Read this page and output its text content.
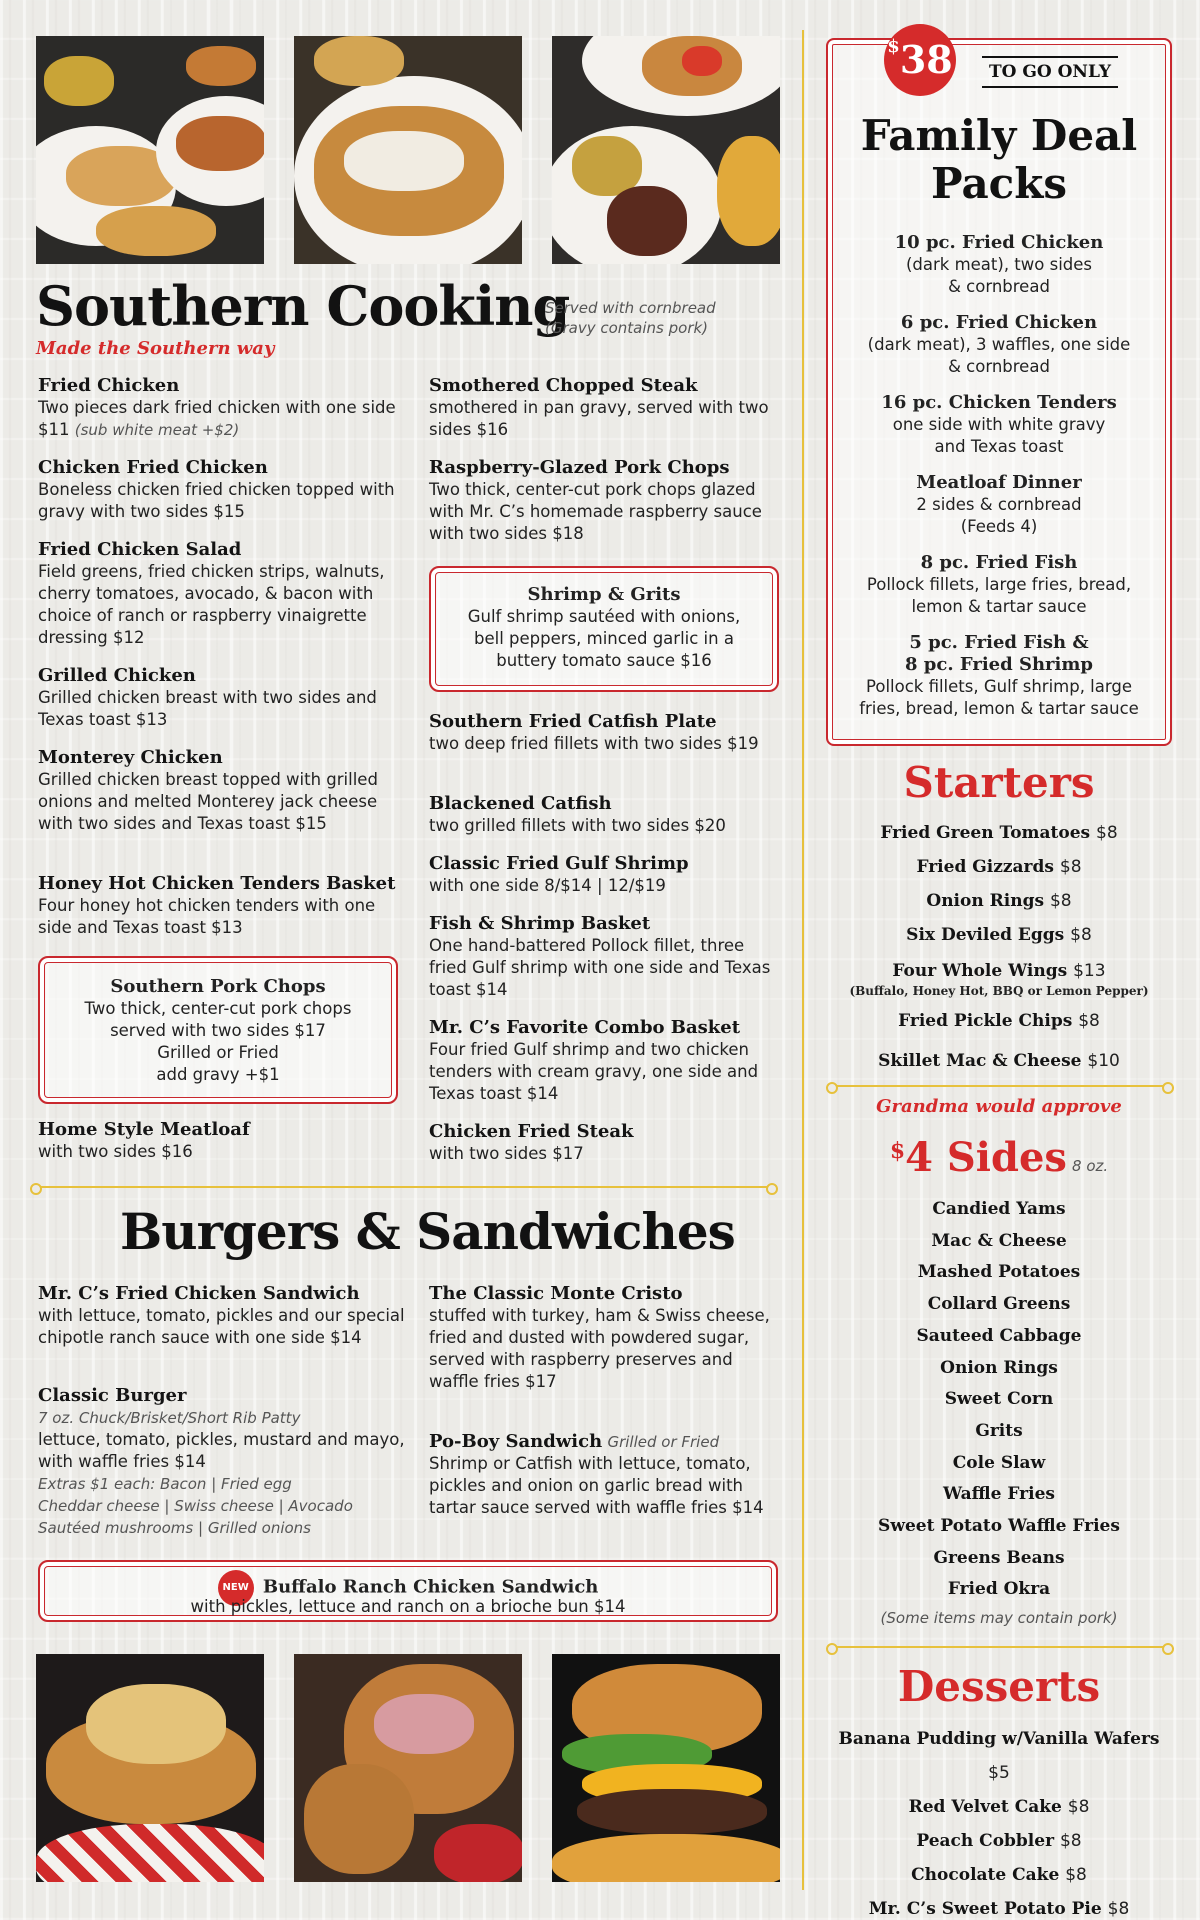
Southern Cooking
Served with cornbread
(Gravy contains pork)
Made the Southern way
Fried Chicken
Two pieces dark fried chicken with one side $11 (sub white meat +$2)
Chicken Fried Chicken
Boneless chicken fried chicken topped with gravy with two sides $15
Fried Chicken Salad
Field greens, fried chicken strips, walnuts, cherry tomatoes, avocado, & bacon with choice of ranch or raspberry vinaigrette dressing $12
Grilled Chicken
Grilled chicken breast with two sides and Texas toast $13
Monterey Chicken
Grilled chicken breast topped with grilled onions and melted Monterey jack cheese with two sides and Texas toast $15
Honey Hot Chicken Tenders Basket
Four honey hot chicken tenders with one side and Texas toast $13
Southern Pork Chops
Two thick, center-cut pork chops
served with two sides $17
Grilled or Fried
add gravy +$1
Home Style Meatloaf
with two sides $16
Smothered Chopped Steak
smothered in pan gravy, served with two sides $16
Raspberry-Glazed Pork Chops
Two thick, center-cut pork chops glazed with Mr. C’s homemade raspberry sauce with two sides $18
Shrimp & Grits
Gulf shrimp sautéed with onions,
bell peppers, minced garlic in a
buttery tomato sauce $16
Southern Fried Catfish Plate
two deep fried fillets with two sides $19
Blackened Catfish
two grilled fillets with two sides $20
Classic Fried Gulf Shrimp
with one side 8/$14 | 12/$19
Fish & Shrimp Basket
One hand-battered Pollock fillet, three fried Gulf shrimp with one side and Texas toast $14
Mr. C’s Favorite Combo Basket
Four fried Gulf shrimp and two chicken tenders with cream gravy, one side and Texas toast $14
Chicken Fried Steak
with two sides $17
Burgers & Sandwiches
Mr. C’s Fried Chicken Sandwich
with lettuce, tomato, pickles and our special chipotle ranch sauce with one side $14
Classic Burger
7 oz. Chuck/Brisket/Short Rib Patty
lettuce, tomato, pickles, mustard and mayo, with waffle fries $14
Extras $1 each: Bacon | Fried egg
Cheddar cheese | Swiss cheese | Avocado
Sautéed mushrooms | Grilled onions
The Classic Monte Cristo
stuffed with turkey, ham & Swiss cheese, fried and dusted with powdered sugar, served with raspberry preserves and waffle fries $17
Po-Boy Sandwich Grilled or Fried
Shrimp or Catfish with lettuce, tomato, pickles and onion on garlic bread with tartar sauce served with waffle fries $14
NEW Buffalo Ranch Chicken Sandwich
with pickles, lettuce and ranch on a brioche bun $14
$38	TO GO ONLY
Family Deal
Packs
10 pc. Fried Chicken
(dark meat), two sides
& cornbread
6 pc. Fried Chicken
(dark meat), 3 waffles, one side
& cornbread
16 pc. Chicken Tenders
one side with white gravy
and Texas toast
Meatloaf Dinner
2 sides & cornbread
(Feeds 4)
8 pc. Fried Fish
Pollock fillets, large fries, bread,
lemon & tartar sauce
5 pc. Fried Fish &
8 pc. Fried Shrimp
Pollock fillets, Gulf shrimp, large
fries, bread, lemon & tartar sauce
Starters
Fried Green Tomatoes $8
Fried Gizzards $8
Onion Rings $8
Six Deviled Eggs $8
Four Whole Wings $13
(Buffalo, Honey Hot, BBQ or Lemon Pepper)
Fried Pickle Chips $8
Skillet Mac & Cheese $10
Grandma would approve
$4 Sides 8 oz.
Candied Yams
Mac & Cheese
Mashed Potatoes
Collard Greens
Sauteed Cabbage
Onion Rings
Sweet Corn
Grits
Cole Slaw
Waffle Fries
Sweet Potato Waffle Fries
Greens Beans
Fried Okra
(Some items may contain pork)
Desserts
Banana Pudding w/Vanilla Wafers $5
Red Velvet Cake $8
Peach Cobbler $8
Chocolate Cake $8
Mr. C’s Sweet Potato Pie $8
